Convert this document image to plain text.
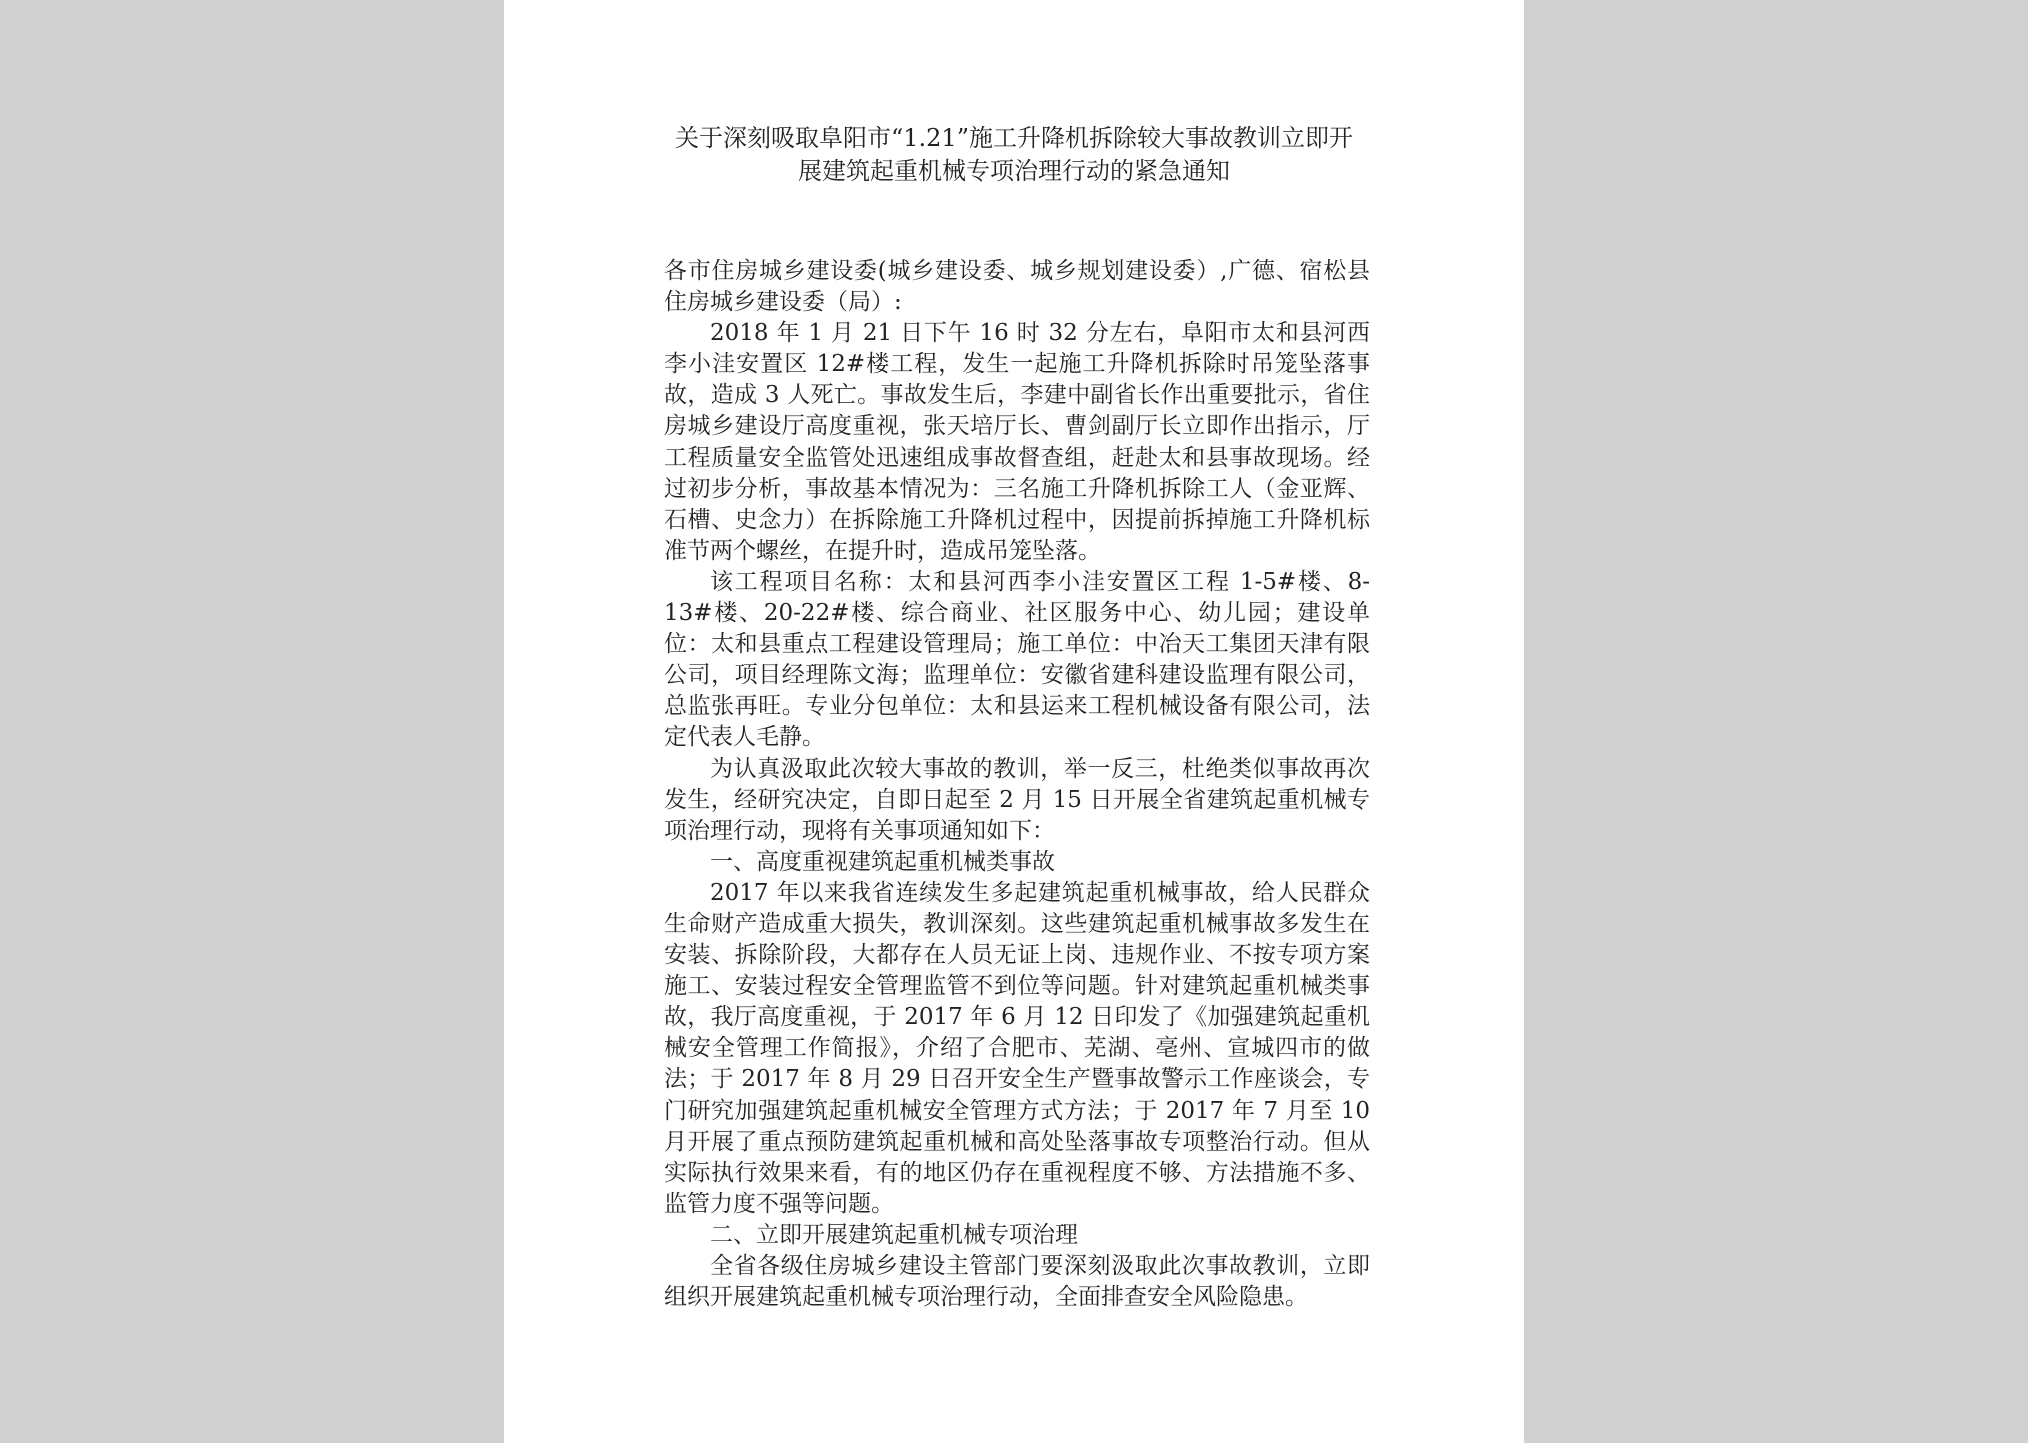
关于深刻吸取阜阳市“1.21”施工升降机拆除较大事故教训立即开
展建筑起重机械专项治理行动的紧急通知

各市住房城乡建设委(城乡建设委、城乡规划建设委）,广德、宿松县住房城乡建设委（局）:

2018 年 1 月 21 日下午 16 时 32 分左右，阜阳市太和县河西李小洼安置区 12#楼工程，发生一起施工升降机拆除时吊笼坠落事故，造成 3 人死亡。事故发生后，李建中副省长作出重要批示，省住房城乡建设厅高度重视，张天培厅长、曹剑副厅长立即作出指示，厅工程质量安全监管处迅速组成事故督查组，赶赴太和县事故现场。经过初步分析，事故基本情况为：三名施工升降机拆除工人（金亚辉、石槽、史念力）在拆除施工升降机过程中，因提前拆掉施工升降机标准节两个螺丝，在提升时，造成吊笼坠落。

该工程项目名称：太和县河西李小洼安置区工程 1-5#楼、8-13#楼、20-22#楼、综合商业、社区服务中心、幼儿园；建设单位：太和县重点工程建设管理局；施工单位：中冶天工集团天津有限公司，项目经理陈文海；监理单位：安徽省建科建设监理有限公司，总监张再旺。专业分包单位：太和县运来工程机械设备有限公司，法定代表人毛静。

为认真汲取此次较大事故的教训，举一反三，杜绝类似事故再次发生，经研究决定，自即日起至 2 月 15 日开展全省建筑起重机械专项治理行动，现将有关事项通知如下：

一、高度重视建筑起重机械类事故

2017 年以来我省连续发生多起建筑起重机械事故，给人民群众生命财产造成重大损失，教训深刻。这些建筑起重机械事故多发生在安装、拆除阶段，大都存在人员无证上岗、违规作业、不按专项方案施工、安装过程安全管理监管不到位等问题。针对建筑起重机械类事故，我厅高度重视，于 2017 年 6 月 12 日印发了《加强建筑起重机械安全管理工作简报》，介绍了合肥市、芜湖、亳州、宣城四市的做法；于 2017 年 8 月 29 日召开安全生产暨事故警示工作座谈会，专门研究加强建筑起重机械安全管理方式方法；于 2017 年 7 月至 10 月开展了重点预防建筑起重机械和高处坠落事故专项整治行动。但从实际执行效果来看，有的地区仍存在重视程度不够、方法措施不多、监管力度不强等问题。

二、立即开展建筑起重机械专项治理

全省各级住房城乡建设主管部门要深刻汲取此次事故教训，立即组织开展建筑起重机械专项治理行动，全面排查安全风险隐患。
